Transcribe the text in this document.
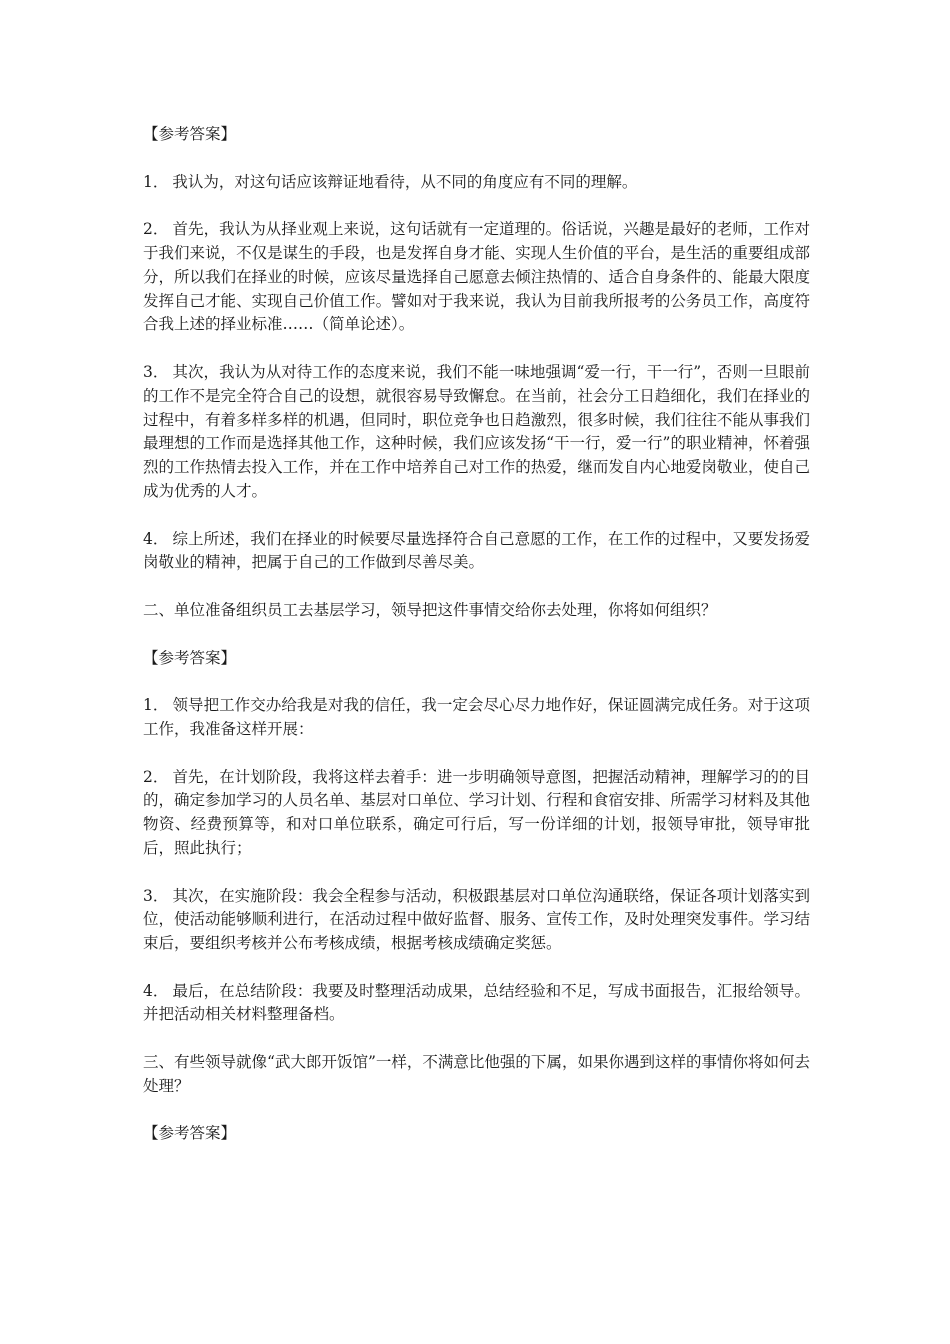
【参考答案】

1． 我认为，对这句话应该辩证地看待，从不同的角度应有不同的理解。

2． 首先，我认为从择业观上来说，这句话就有一定道理的。俗话说，兴趣是最好的老师，工作对于我们来说，不仅是谋生的手段，也是发挥自身才能、实现人生价值的平台，是生活的重要组成部分，所以我们在择业的时候，应该尽量选择自己愿意去倾注热情的、适合自身条件的、能最大限度发挥自己才能、实现自己价值工作。譬如对于我来说，我认为目前我所报考的公务员工作，高度符合我上述的择业标准……（简单论述）。

3． 其次，我认为从对待工作的态度来说，我们不能一味地强调“爱一行，干一行”，否则一旦眼前的工作不是完全符合自己的设想，就很容易导致懈怠。在当前，社会分工日趋细化，我们在择业的过程中，有着多样多样的机遇，但同时，职位竞争也日趋激烈，很多时候，我们往往不能从事我们最理想的工作而是选择其他工作，这种时候，我们应该发扬“干一行，爱一行”的职业精神，怀着强烈的工作热情去投入工作，并在工作中培养自己对工作的热爱，继而发自内心地爱岗敬业，使自己成为优秀的人才。

4． 综上所述，我们在择业的时候要尽量选择符合自己意愿的工作，在工作的过程中，又要发扬爱岗敬业的精神，把属于自己的工作做到尽善尽美。

二、单位准备组织员工去基层学习，领导把这件事情交给你去处理，你将如何组织？

【参考答案】

1． 领导把工作交办给我是对我的信任，我一定会尽心尽力地作好，保证圆满完成任务。对于这项工作，我准备这样开展：

2． 首先，在计划阶段，我将这样去着手：进一步明确领导意图，把握活动精神，理解学习的的目的，确定参加学习的人员名单、基层对口单位、学习计划、行程和食宿安排、所需学习材料及其他物资、经费预算等，和对口单位联系，确定可行后，写一份详细的计划，报领导审批，领导审批后，照此执行；

3． 其次，在实施阶段：我会全程参与活动，积极跟基层对口单位沟通联络，保证各项计划落实到位，使活动能够顺利进行，在活动过程中做好监督、服务、宣传工作，及时处理突发事件。学习结束后，要组织考核并公布考核成绩，根据考核成绩确定奖惩。

4． 最后，在总结阶段：我要及时整理活动成果，总结经验和不足，写成书面报告，汇报给领导。并把活动相关材料整理备档。

三、有些领导就像“武大郎开饭馆”一样，不满意比他强的下属，如果你遇到这样的事情你将如何去处理？

【参考答案】
